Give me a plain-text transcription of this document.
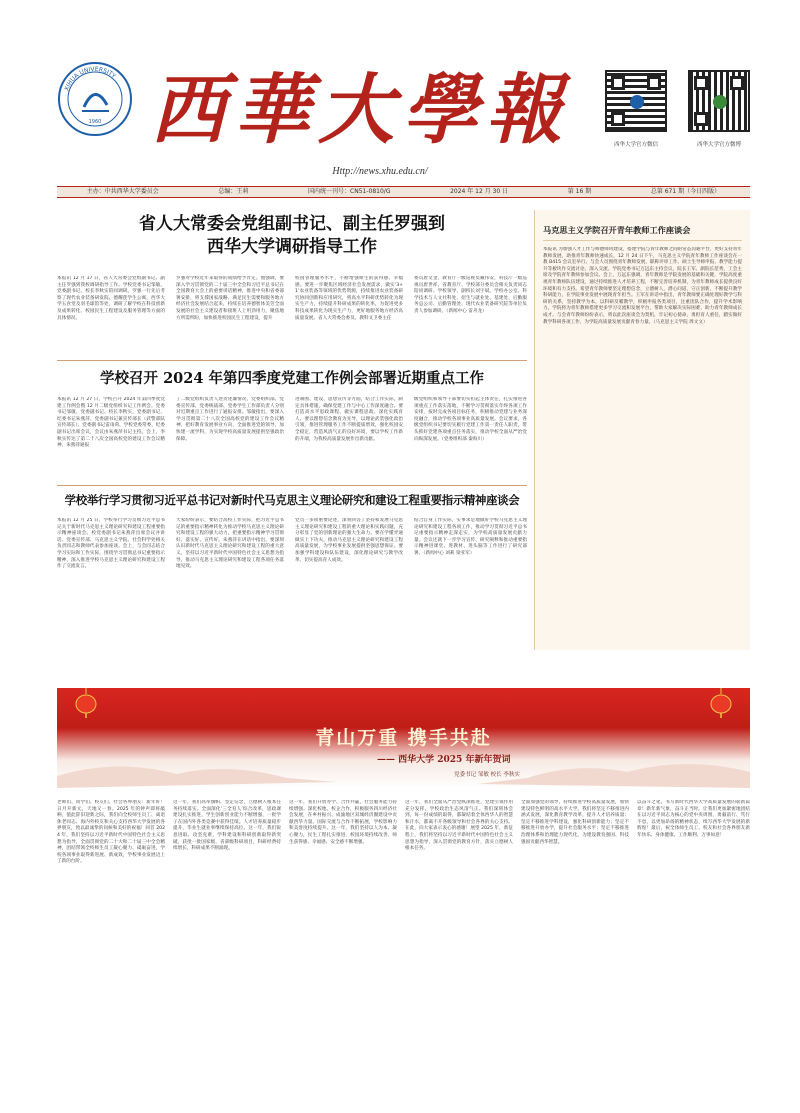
XIHUA UNIVERSITY
1960 西華大學報
Http://news.xhu.edu.cn/
西华大学官方微信	西华大学官方微博
主办：中共西华大学委员会	总编：王莉	国内统一刊号：CN51-0810/G	2024 年 12 月 30 日	第 16 期	总第 671 期（今日四版）
省人大常委会党组副书记、副主任罗强到
西华大学调研指导工作
本报讯 12 月 17 日，省人大常委会党组副书记、副主任罗强到我校调研指导工作。学校党委书记邹敏、党委副书记、校长李秋实陪同调研。罗强一行先后考察了现代农业装备研发院、德耀莲学生公寓，西华大学五食堂及羽毛球馆等处，调研了解学校在科技创新及成果转化、校园民生工程建设及服务管理等方面的具体情况。
罗强对学校近年来取得的成绩给予肯定。他强调，要深入学习贯彻党的二十届三中全会和习近平总书记在全国教育大会上的重要讲话精神，推进中央和省委部署安排，将支撑国家战略、满足民生需要和服务地方经济社会发展结合起来，持续在培养德智体美劳全面发展的社会主义建设者和接班人上用劲用力，聚焦地方所需所盼，加快推进校园民生工程建设，提升
校园管理服务水平，不断增强师生的获得感、幸福感。要进一步聚焦区域经济社会发展需求，做实‘3+1’农业装备等领域的优势资源，持续推进农业装备研究协同创新和应用研究，将高水平科研优势转化为现实生产力，持续提升科研成果的转化率，为促进更多科技成果转化为现实生产力，更好地服务地方经济高质量发展。省人大常委会委员、教科文卫委主任
委员唐文金，教育厅一级巡视员戴伟安，科技厅一级巡视员唐世祥，省教育厅、学校部分委员会相关负责同志陪同调研。学校领导、副校长刘宇斌，学校办公室、科学技术与人文社科处、招生与就业处、基建处、后勤服务总公司、后勤管理处、现代农业装备研究院等单位负责人参加调研。（新闻中心 雷舟龙）
学校召开 2024 年第四季度党建工作例会部署近期重点工作
本报讯 12 月 27 日，学校召开 2024 年第四季度党建工作例会暨 12 月二级党组织书记工作例会。党委书记邹敏、党委副书记、校长李秋实，党委副书记、纪委书记朱燕萍、党委副书记兼宣传部长（武警部队宣传部长）、党委副书记雷雨荷、学校党委常委、纪委副书记出席会议，会议由朱燕萍书记主持。会上，李秋实传达了第二十八次全国高校党的建设工作会议精神，朱燕萍通报
了二级党组织负责人述责述廉情况，党委组织部、党委宣传部、党委统战部、党委学生工作部负责人分别对近期重点工作进行了通报安排。邹敏指出，要深入学习贯彻第二十八次全国高校党的建设工作会议精神，把好教育发展事业方向，全面推进党的领导，加快建一流学科，为实现学校高质量发展提供坚强政治保障。
进制围、建设、思想宣传等方面，结合工作实际，制定具体措施，确保党建工作与中心工作深度融合。要打造高水平思政课程、做实课程思政、深化实践育人。要以理想信念教育为先导，以理论武装强化政治引领，推进管理服务工作不断提质增效，强化校园安全稳定，营造风清气正的良好环境，要以学校工作新的开端，为我校高质量发展作出新贡献。
级党组织和领导干部要切实担起主体责任，扎实推进各项重点工作落实落地，不断学习贯彻落实年终各项工作安排，按时完成各项目标任务，积极推动党建与业务深度融合，推动学校各项事业高质量发展。会议要求，各级党组织书记要切实履行党建工作第一责任人职责，带头抓好党建各项重点任务落实，推动学校全面从严治党向纵深发展。（党委组织部 秦海川）
学校举行学习贯彻习近平总书记对新时代马克思主义理论研究和建设工程重要指示精神座谈会
本报讯 12 月 25 日，学校举行学习贯彻习近平总书记关于新时代马克思主义理论研究和建设工程重要指示精神座谈会。校党委副书记朱燕萍出席会议并讲话。党委宣传部、马克思主义学院、社会科学处相关负责同志和教师代表参加座谈。会上，与会同志结合学习实际和工作实际，围绕学习贯彻总书记重要指示精神、深入推进学校马克思主义理论研究和建设工程作了交流发言。
大家纷纷表示，要结合高校工作实际，把习近平总书记的重要指示精神转化为推动学校马克思主义理论研究和建设工程的强大动力，把重要指示精神学习贯彻好、落实好、宣传好。朱燕萍在讲话中指出，要深刻认识新时代马克思主义理论研究和建设工程的重大意义，坚持以习近平新时代中国特色社会主义思想为指导，推动马克思主义理论研究和建设工程各项任务落地见效。
党员一多项重要论述，深刻回答了坚持和发展马克思主义理论研究和建设工程的重大理论和实践问题，充分彰显了党的创新理论的强大生命力。要在学懂弄通做实上下功夫，推动马克思主义理论研究和建设工程高质量发展，为学校事业发展提供坚强思想保证。要加强学科建设和队伍建设，深化理论研究与教学改革，切实提高育人成效。
结合自身工作实际，实事求是地做好学校马克思主义理论研究和建设工程各项工作，推动学习贯彻习近平总书记重要指示精神走深走实，为学校高质量发展贡献力量。会议还就下一步学习宣传、研究阐释和推动重要指示精神进课堂、进教材、进头脑等工作进行了研究部署。（新闻中心 刘莉 梁亚军）
马克思主义学院召开青年教师工作座谈会
本报讯 为加强人才工作与师德师风建设，搭建学院与青年教师之间的常态沟通平台，更好支持青年教师发展，助推青年教师快速成长，12 月 24 日下午，马克思主义学院青年教师工作座谈会在一教 B415 会议室举行。与会人员围绕青年教师发展、职称评审工作、硕士生导师申报、教学能力提升等板块作交流讨论，深入交流。学院党委书记万远东主持会议，院长王军、副院长范秀，工会主席及学院青年教师参加会议。会上，万远东强调，青年教师是学院发展的基础和关键，学院高度重视青年教师队伍建设，通过持续推进人才培养工程，不断完善培养机制，为青年教师成长提供良好环境和有力支持。希望青年教师要坚定理想信念，立德树人，潜心问道，守正创新，不断提升教学科研能力，在学院事业发展中展现青年担当。王军在讲话中指出，青年教师要正确处理好教学与科研的关系，坚持教学为本，以科研反哺教学，积极申报各类项目，注重团队合作，提升学术影响力。学院将为青年教师搭建更多学习交流和发展平台，帮助大家解决实际困难，助力青年教师成长成才。与会青年教师纷纷表示，将以此次座谈会为契机，牢记初心使命，勇担育人重任，踏实做好教学科研各项工作，为学院高质量发展贡献青春力量。（马克思主义学院 周文文）
青山万重 携手共赴
—— 西华大学 2025 年新年贺词
党委书记 邹敏 校长 李秋实
老师们、同学们、校友们、社会各界朋友：新年好！日月开新元，天地又一春。2025 年的钟声即将敲响，值此辞旧迎新之际，我们向全校师生员工、离退休老同志、海内外校友和关心支持西华大学发展的各界朋友，致以最诚挚的问候和美好的祝福！回首 2024 年，我们坚持以习近平新时代中国特色社会主义思想为指导，全面贯彻党的二十大和二十届三中全会精神，团结带领全校师生员工凝心聚力、砥砺奋进，学校各项事业取得新进展、新成效，学校事业发展迈上了新的台阶。
这一年，我们高举旗帜、坚定信念，立德树人根本任务持续落实。全面深化‘三全育人’综合改革，思政课建设扎实推进，学生创新创业能力不断增强，一批学子在国内外各类竞赛中获得佳绩。人才培养质量稳步提升，毕业生就业率继续保持高位。这一年，我们锐意进取、攻坚克难，学科建设和科研创新取得新突破，获批一批国家级、省部级科研项目，科研经费持续增长，科研成果不断涌现。
这一年，我们开放办学、合作共赢，社会服务能力持续增强。深化校地、校企合作，积极服务四川经济社会发展，在乡村振兴、成渝地区双城经济圈建设中贡献西华力量。国际交流与合作不断拓展，学校影响力和美誉度持续提升。这一年，我们坚持以人为本、凝心聚力，民生工程扎实推进，校园环境持续改善，师生获得感、幸福感、安全感不断增强。
这一年，我们全面从严治党纵深推进，党建引领作用充分发挥，学校政治生态风清气正。我们深刻体会到，每一份成绩的取得，都凝结着全体西华人的智慧和汗水，都离不开各级领导和社会各界的关心支持。在此，向大家表示衷心的感谢！展望 2025 年，新征程上，我们将坚持以习近平新时代中国特色社会主义思想为指导，深入贯彻党的教育方针，落实立德树人根本任务。
全面加强党的领导，持续推进学校高质量发展，加快建设特色鲜明的高水平大学。我们将坚定不移推进内涵式发展，深化教育教学改革，提升人才培养质量；坚定不移推进学科建设，强化科研创新能力；坚定不移推进开放办学，提升社会服务水平；坚定不移推进治理体系和治理能力现代化，为建设教育强国、科技强国贡献西华智慧。
以奋斗之笔，书写新时代西华大学高质量发展的崭新篇章！新年新气象，奋斗正当时。让我们更加紧密地团结在以习近平同志为核心的党中央周围，勇毅前行、笃行不怠，以更加昂扬的精神状态，续写西华大学发展的新辉煌！最后，祝全体师生员工、校友和社会各界朋友新年快乐、身体健康、工作顺利、万事如意！
